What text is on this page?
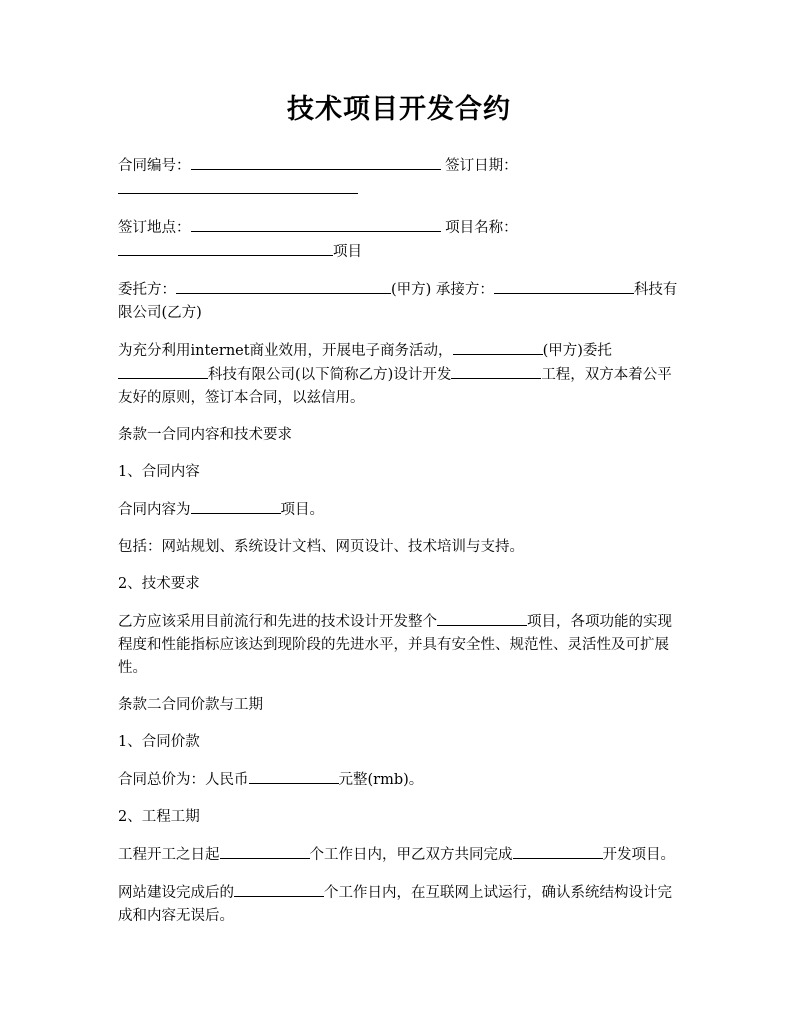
技术项目开发合约
合同编号：	签订日期：

签订地点：	项目名称：
项目
委托方：	(甲方) 承接方：	科技有限公司(乙方)
为充分利用internet商业效用，开展电子商务活动，	(甲方)委托科技有限公司(以下简称乙方)设计开发	工程，双方本着公平友好的原则，签订本合同，以兹信用。
条款一合同内容和技术要求
1、合同内容
合同内容为	项目。
包括：网站规划、系统设计文档、网页设计、技术培训与支持。
2、技术要求
乙方应该采用目前流行和先进的技术设计开发整个	项目，各项功能的实现程度和性能指标应该达到现阶段的先进水平，并具有安全性、规范性、灵活性及可扩展性。
条款二合同价款与工期
1、合同价款
合同总价为：人民币	元整(rmb)。
2、工程工期
工程开工之日起	个工作日内，甲乙双方共同完成	开发项目。
网站建设完成后的	个工作日内，在互联网上试运行，确认系统结构设计完成和内容无误后。
